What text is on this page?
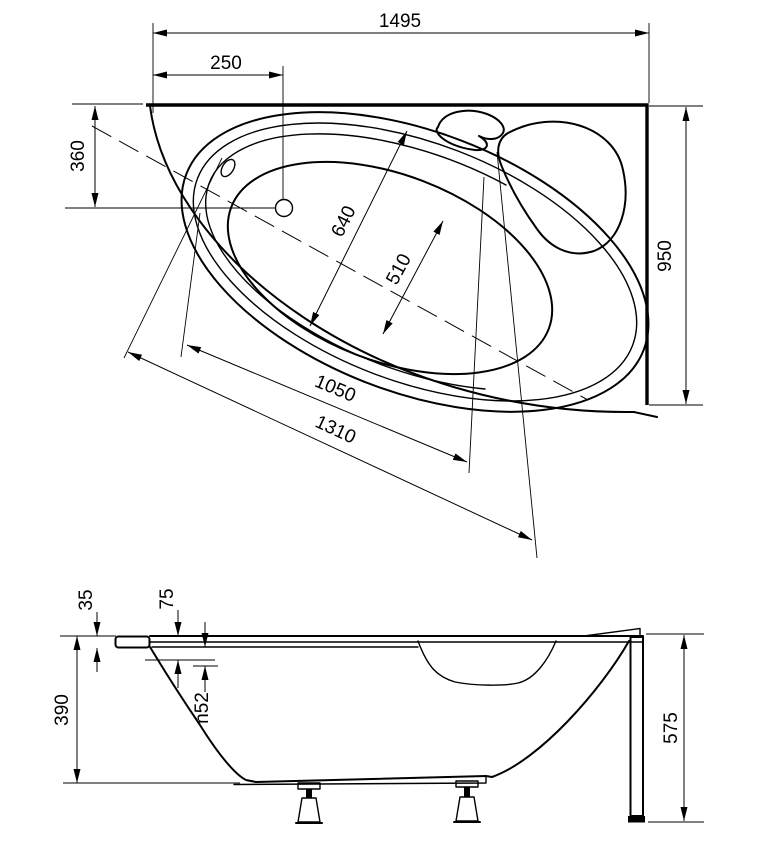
1495
250
360
950
640
510
1050
1310
35	75
n52
390
575
